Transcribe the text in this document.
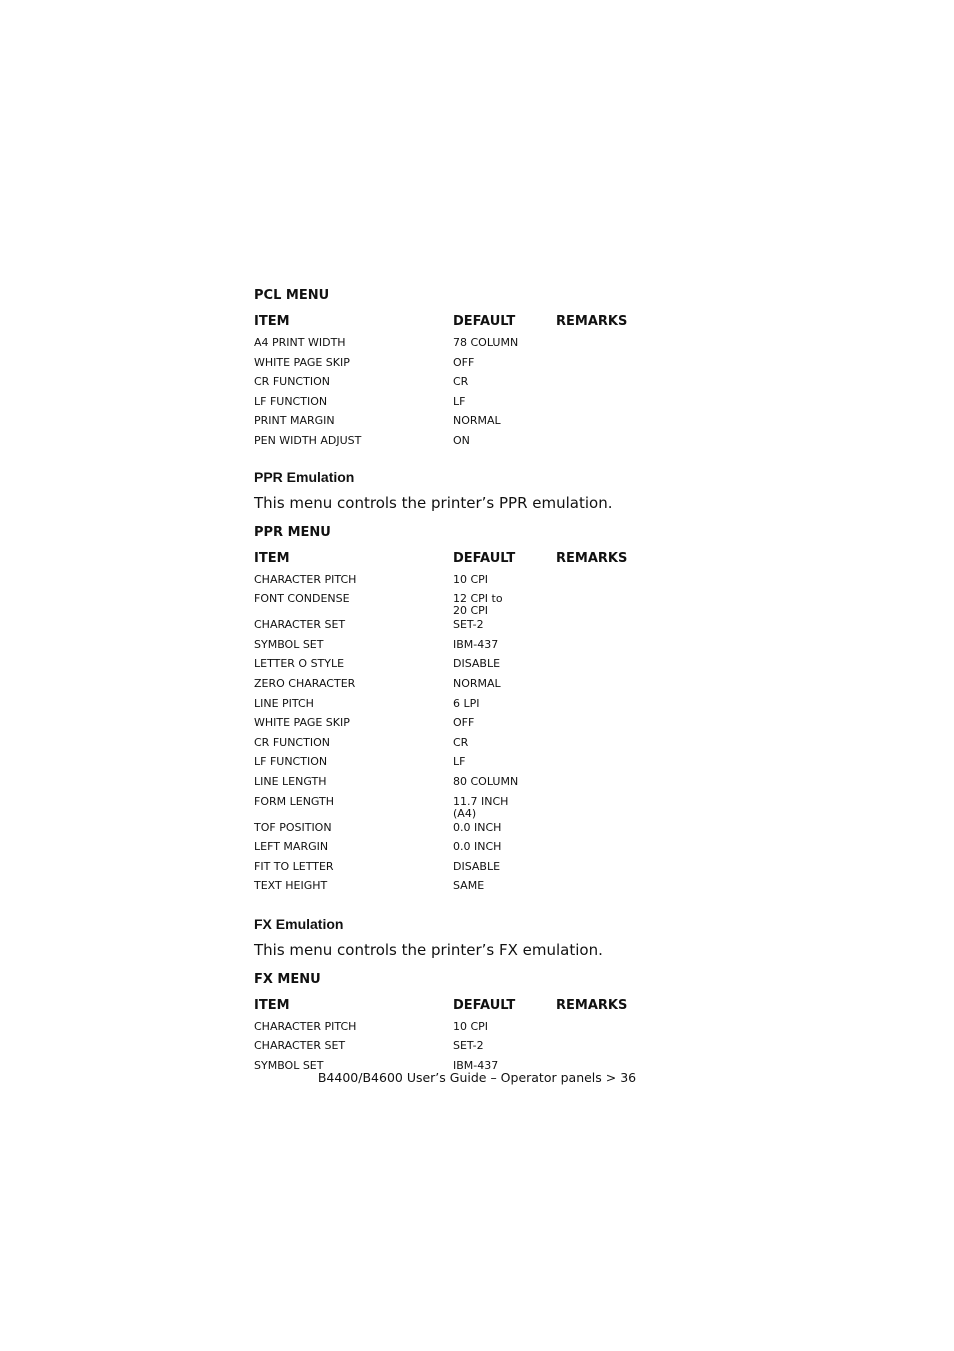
PCL MENU
ITEM	DEFAULT	REMARKS
A4 PRINT WIDTH	78 COLUMN	
WHITE PAGE SKIP	OFF	
CR FUNCTION	CR	
LF FUNCTION	LF	
PRINT MARGIN	NORMAL	
PEN WIDTH ADJUST	ON	
PPR Emulation
This menu controls the printer’s PPR emulation.
PPR MENU
ITEM	DEFAULT	REMARKS
CHARACTER PITCH	10 CPI	
FONT CONDENSE	12 CPI to
20 CPI	
CHARACTER SET	SET-2	
SYMBOL SET	IBM-437	
LETTER O STYLE	DISABLE	
ZERO CHARACTER	NORMAL	
LINE PITCH	6 LPI	
WHITE PAGE SKIP	OFF	
CR FUNCTION	CR	
LF FUNCTION	LF	
LINE LENGTH	80 COLUMN	
FORM LENGTH	11.7 INCH
(A4)	
TOF POSITION	0.0 INCH	
LEFT MARGIN	0.0 INCH	
FIT TO LETTER	DISABLE	
TEXT HEIGHT	SAME	
FX Emulation
This menu controls the printer’s FX emulation.
FX MENU
ITEM	DEFAULT	REMARKS
CHARACTER PITCH	10 CPI	
CHARACTER SET	SET-2	
SYMBOL SET	IBM-437	
B4400/B4600 User’s Guide – Operator panels > 36
